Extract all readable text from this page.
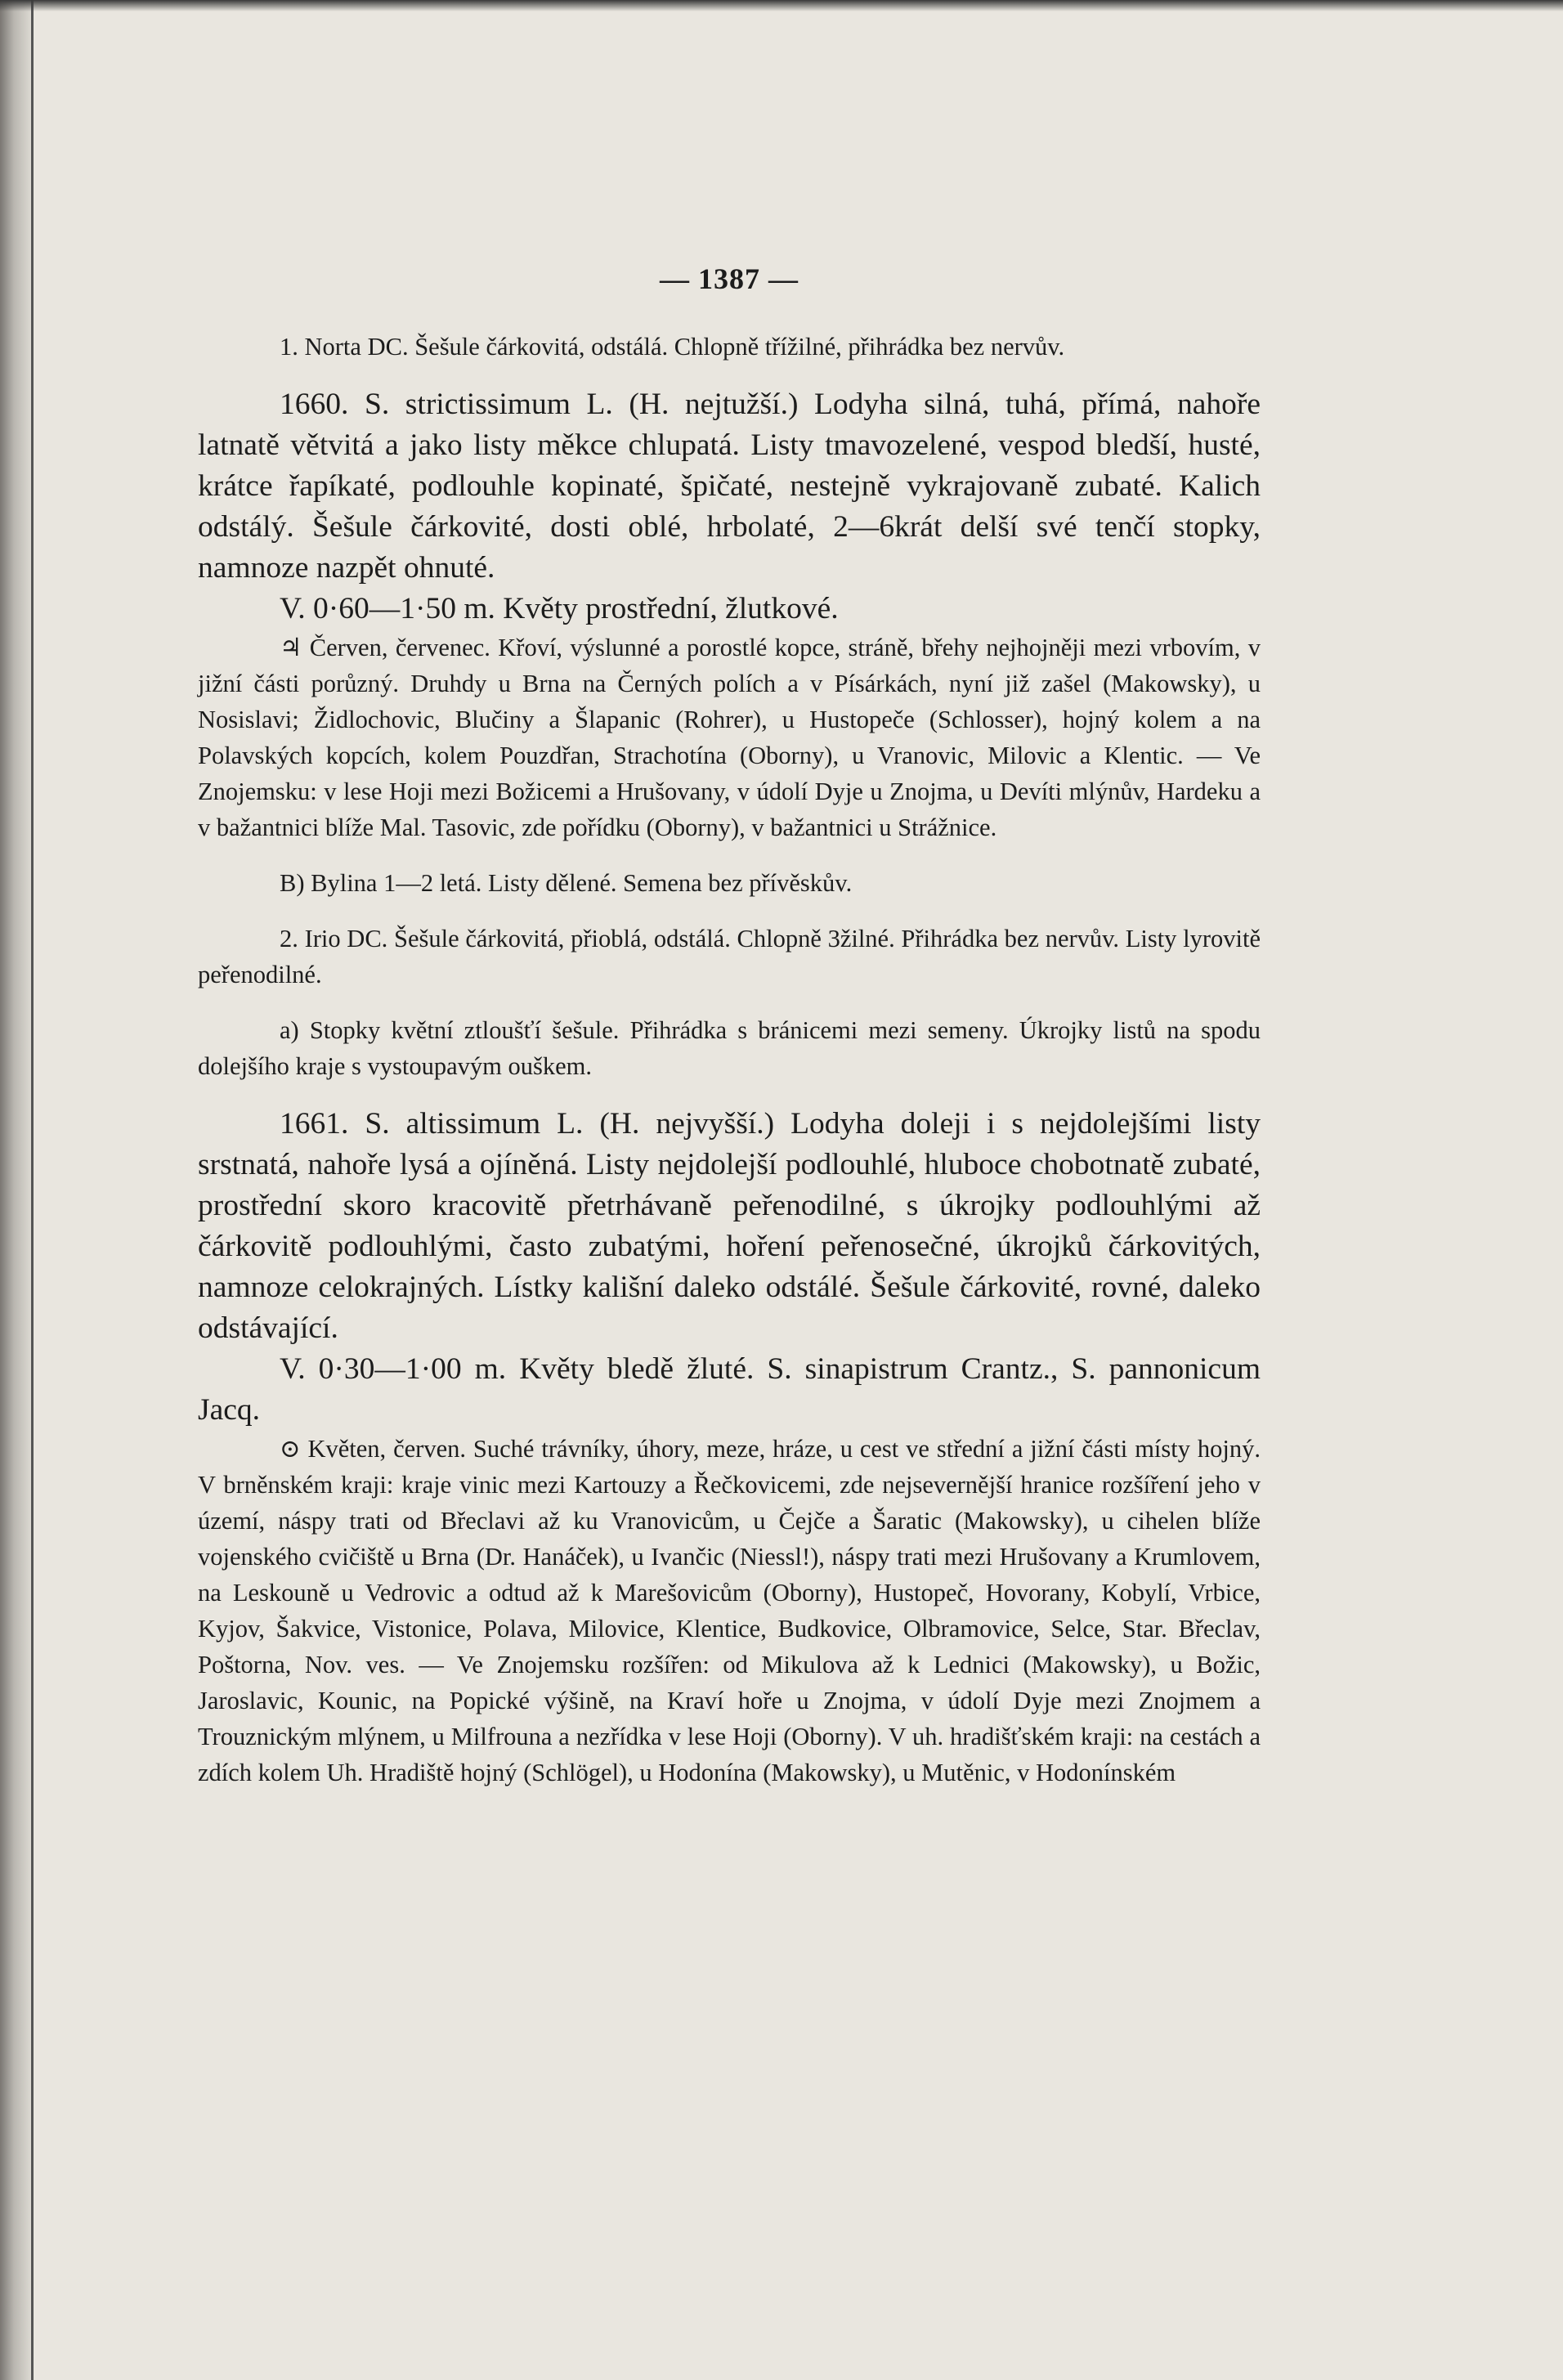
— 1387 —

1. Norta DC. Šešule čárkovitá, odstálá. Chlopně třížilné, přihrádka bez nervův.

1660. S. strictissimum L. (H. nejtužší.) Lodyha silná, tuhá, přímá, nahoře latnatě větvitá a jako listy měkce chlupatá. Listy tmavozelené, vespod bledší, husté, krátce řapíkaté, podlouhle kopinaté, špičaté, nestejně vykrajovaně zubaté. Kalich odstálý. Šešule čárkovité, dosti oblé, hrbolaté, 2—6krát delší své tenčí stopky, namnoze nazpět ohnuté.

V. 0·60—1·50 m. Květy prostřední, žlutkové.

♃ Červen, červenec. Křoví, výslunné a porostlé kopce, stráně, břehy nejhojněji mezi vrbovím, v jižní části porůzný. Druhdy u Brna na Černých polích a v Písárkách, nyní již zašel (Makowsky), u Nosislavi; Židlochovic, Blučiny a Šlapanic (Rohrer), u Hustopeče (Schlosser), hojný kolem a na Polavských kopcích, kolem Pouzdřan, Strachotína (Oborny), u Vranovic, Milovic a Klentic. — Ve Znojemsku: v lese Hoji mezi Božicemi a Hrušovany, v údolí Dyje u Znojma, u Devíti mlýnův, Hardeku a v bažantnici blíže Mal. Tasovic, zde pořídku (Oborny), v bažantnici u Strážnice.

B) Bylina 1—2 letá. Listy dělené. Semena bez přívěskův.

2. Irio DC. Šešule čárkovitá, přioblá, odstálá. Chlopně 3žilné. Přihrádka bez nervův. Listy lyrovitě peřenodilné.

a) Stopky květní ztloušťí šešule. Přihrádka s bránicemi mezi semeny. Úkrojky listů na spodu dolejšího kraje s vystoupavým ouškem.

1661. S. altissimum L. (H. nejvyšší.) Lodyha doleji i s nejdolejšími listy srstnatá, nahoře lysá a ojíněná. Listy nejdolejší podlouhlé, hluboce chobotnatě zubaté, prostřední skoro kracovitě přetrhávaně peřenodilné, s úkrojky podlouhlými až čárkovitě podlouhlými, často zubatými, hoření peřenosečné, úkrojků čárkovitých, namnoze celokrajných. Lístky kališní daleko odstálé. Šešule čárkovité, rovné, daleko odstávající.

V. 0·30—1·00 m. Květy bledě žluté. S. sinapistrum Crantz., S. pannonicum Jacq.

⊙ Květen, červen. Suché trávníky, úhory, meze, hráze, u cest ve střední a jižní části místy hojný. V brněnském kraji: kraje vinic mezi Kartouzy a Řečkovicemi, zde nejsevernější hranice rozšíření jeho v území, náspy trati od Břeclavi až ku Vranovicům, u Čejče a Šaratic (Makowsky), u cihelen blíže vojenského cvičiště u Brna (Dr. Hanáček), u Ivančic (Niessl!), náspy trati mezi Hrušovany a Krumlovem, na Leskouně u Vedrovic a odtud až k Marešovicům (Oborny), Hustopeč, Hovorany, Kobylí, Vrbice, Kyjov, Šakvice, Vistonice, Polava, Milovice, Klentice, Budkovice, Olbramovice, Selce, Star. Břeclav, Poštorna, Nov. ves. — Ve Znojemsku rozšířen: od Mikulova až k Lednici (Makowsky), u Božic, Jaroslavic, Kounic, na Popické výšině, na Kraví hoře u Znojma, v údolí Dyje mezi Znojmem a Trouznickým mlýnem, u Milfrouna a nezřídka v lese Hoji (Oborny). V uh. hradišťském kraji: na cestách a zdích kolem Uh. Hradiště hojný (Schlögel), u Hodonína (Makowsky), u Mutěnic, v Hodonínském
